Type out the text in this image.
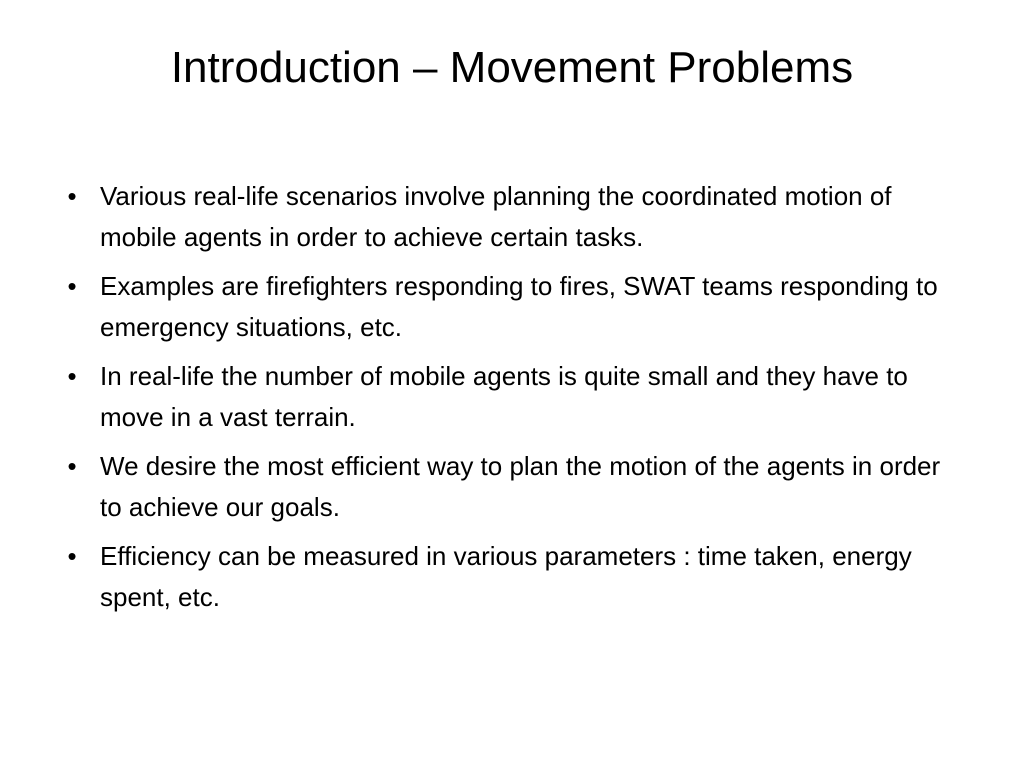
Introduction – Movement Problems
• Various real-life scenarios involve planning the coordinated motion of mobile agents in order to achieve certain tasks.
• Examples are firefighters responding to fires, SWAT teams responding to emergency situations, etc.
• In real-life the number of mobile agents is quite small and they have to move in a vast terrain.
• We desire the most efficient way to plan the motion of the agents in order to achieve our goals.
• Efficiency can be measured in various parameters : time taken, energy spent, etc.
